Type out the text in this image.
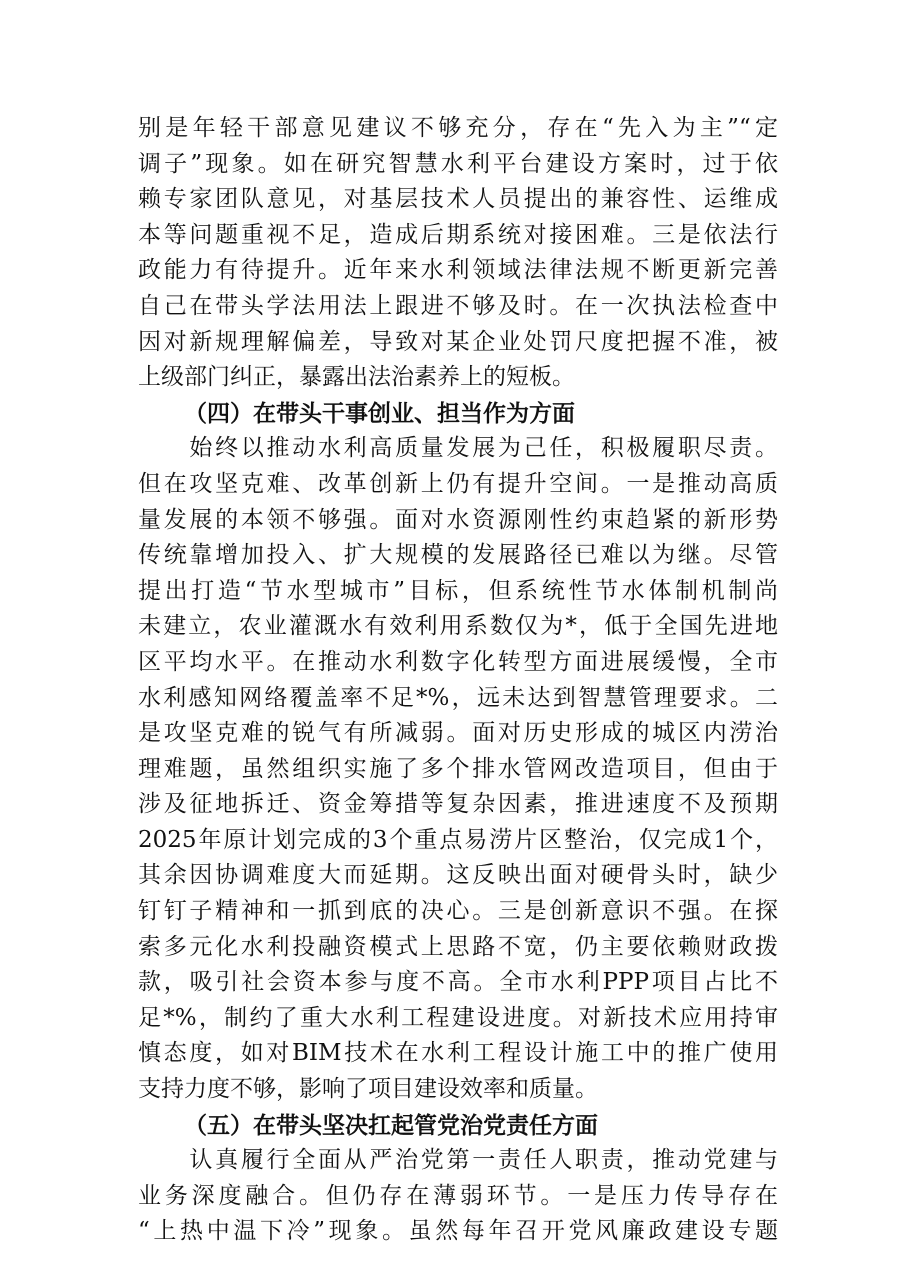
别是年轻干部意见建议不够充分，存在“先入为主”“定
调子”现象。如在研究智慧水利平台建设方案时，过于依
赖专家团队意见，对基层技术人员提出的兼容性、运维成
本等问题重视不足，造成后期系统对接困难。三是依法行
政能力有待提升。近年来水利领域法律法规不断更新完善
自己在带头学法用法上跟进不够及时。在一次执法检查中
因对新规理解偏差，导致对某企业处罚尺度把握不准，被
上级部门纠正，暴露出法治素养上的短板。
（四）在带头干事创业、担当作为方面
　　始终以推动水利高质量发展为己任，积极履职尽责。
但在攻坚克难、改革创新上仍有提升空间。一是推动高质
量发展的本领不够强。面对水资源刚性约束趋紧的新形势
传统靠增加投入、扩大规模的发展路径已难以为继。尽管
提出打造“节水型城市”目标，但系统性节水体制机制尚
未建立，农业灌溉水有效利用系数仅为*，低于全国先进地
区平均水平。在推动水利数字化转型方面进展缓慢，全市
水利感知网络覆盖率不足*%，远未达到智慧管理要求。二
是攻坚克难的锐气有所减弱。面对历史形成的城区内涝治
理难题，虽然组织实施了多个排水管网改造项目，但由于
涉及征地拆迁、资金筹措等复杂因素，推进速度不及预期
2025年原计划完成的3个重点易涝片区整治，仅完成1个，
其余因协调难度大而延期。这反映出面对硬骨头时，缺少
钉钉子精神和一抓到底的决心。三是创新意识不强。在探
索多元化水利投融资模式上思路不宽，仍主要依赖财政拨
款，吸引社会资本参与度不高。全市水利PPP项目占比不
足*%，制约了重大水利工程建设进度。对新技术应用持审
慎态度，如对BIM技术在水利工程设计施工中的推广使用
支持力度不够，影响了项目建设效率和质量。
（五）在带头坚决扛起管党治党责任方面
　　认真履行全面从严治党第一责任人职责，推动党建与
业务深度融合。但仍存在薄弱环节。一是压力传导存在
“上热中温下冷”现象。虽然每年召开党风廉政建设专题
